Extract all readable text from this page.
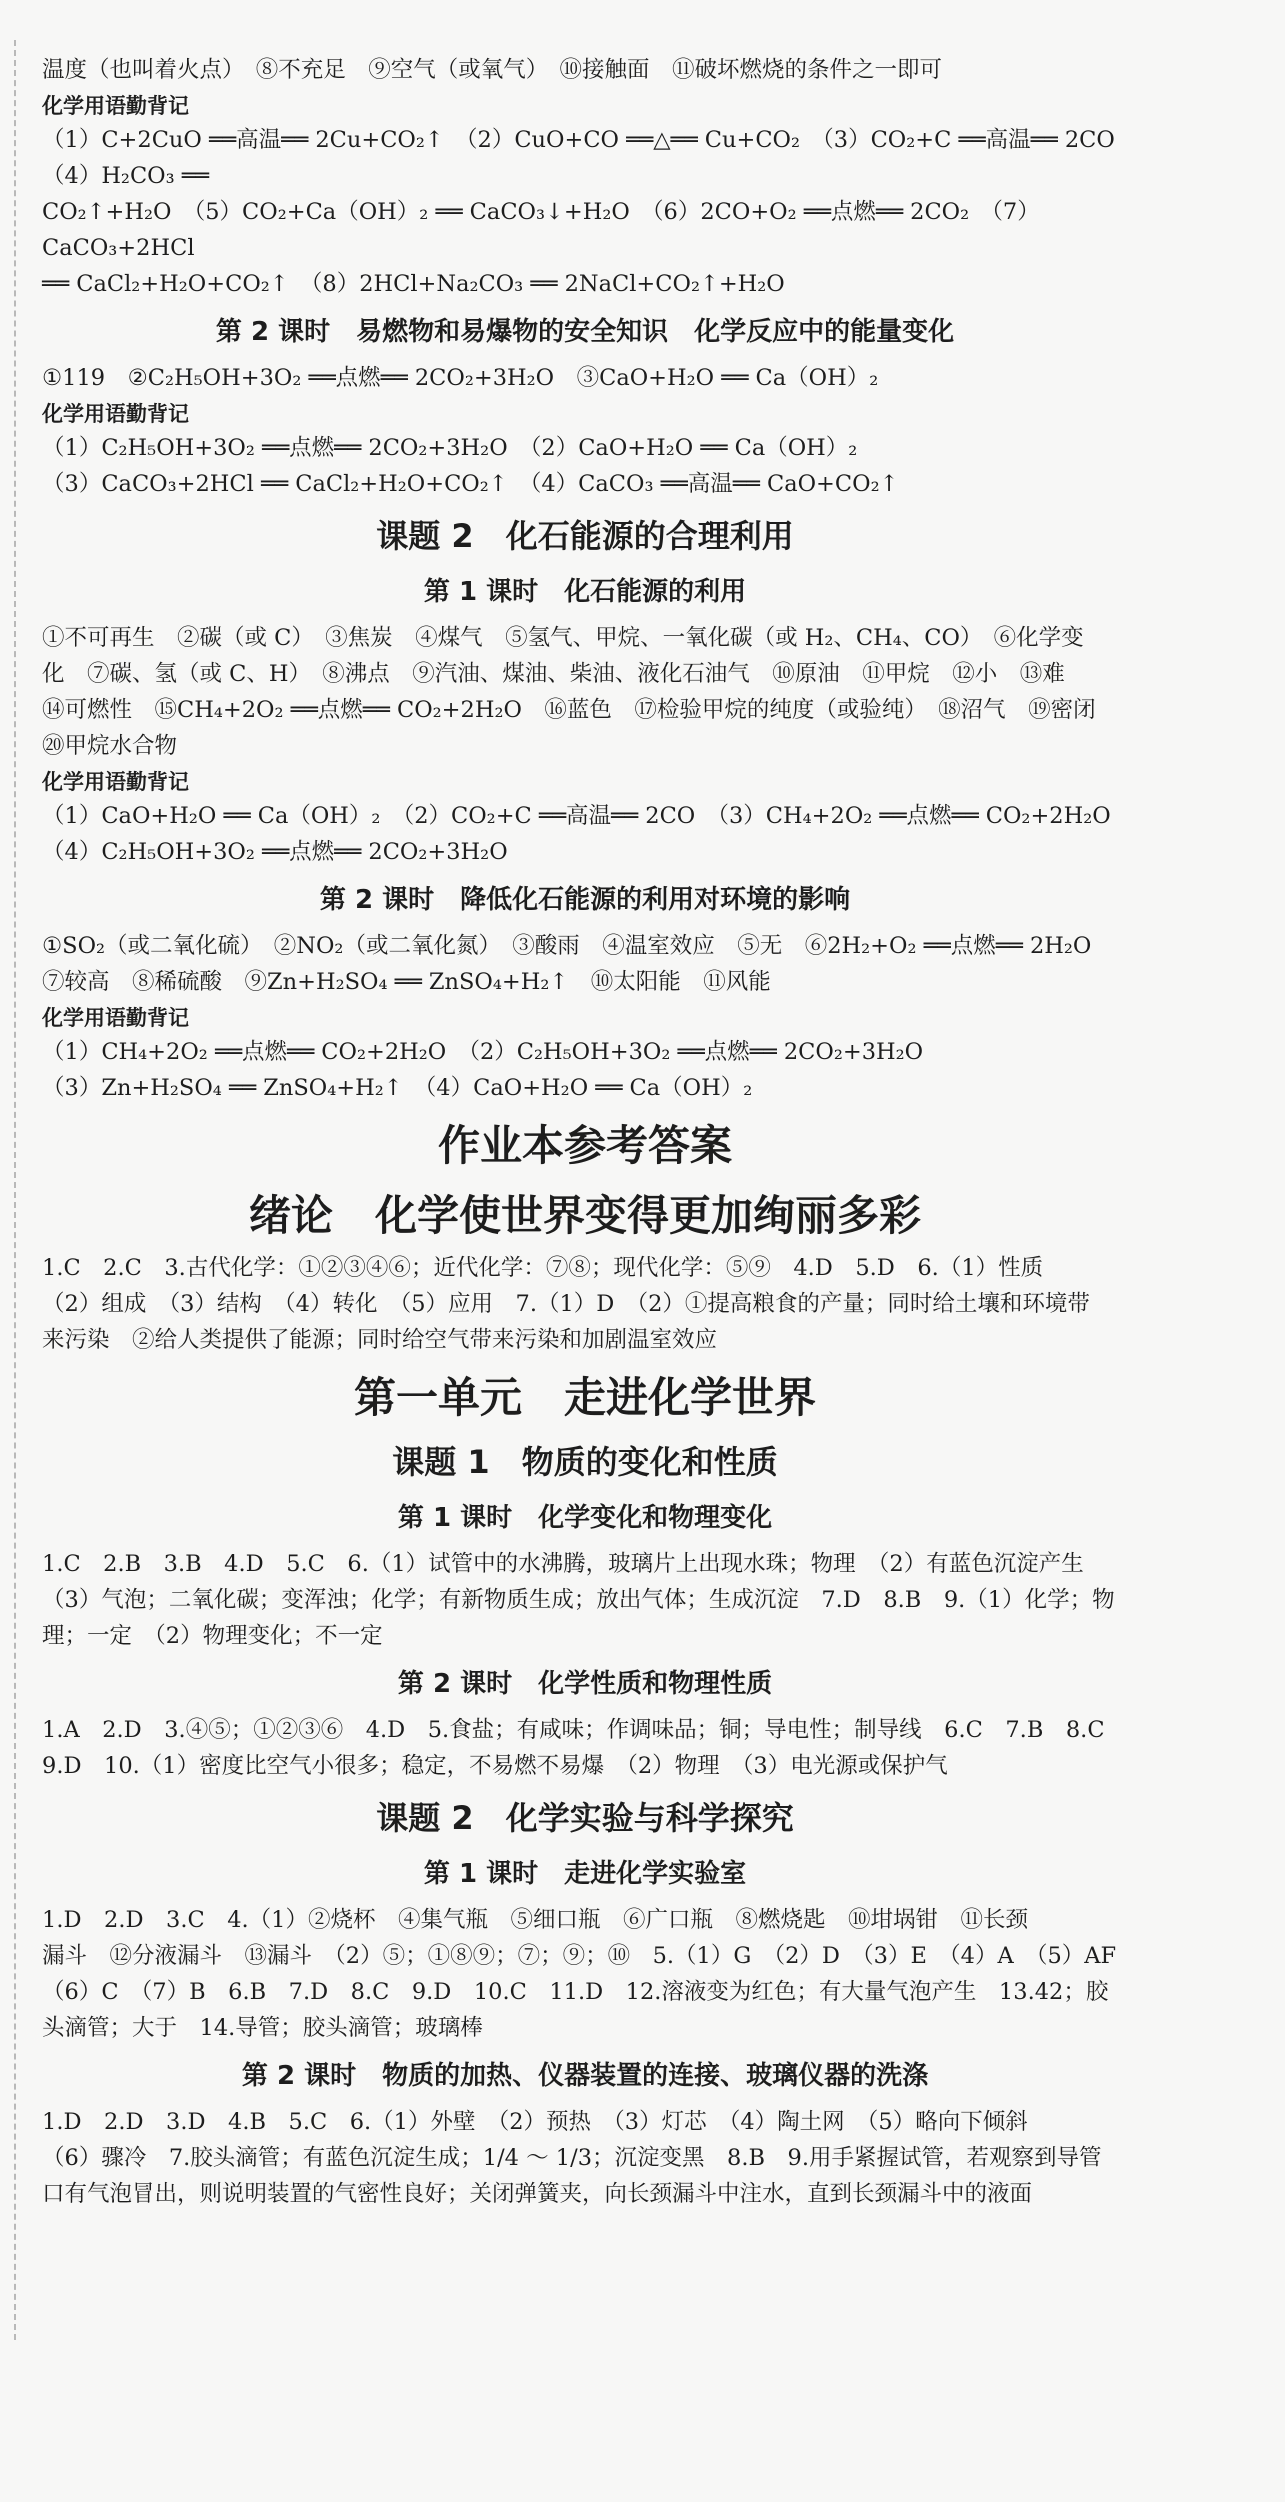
温度（也叫着火点）　⑧不充足　⑨空气（或氧气）　⑩接触面　⑪破坏燃烧的条件之一即可
化学用语勤背记
（1）C+2CuO ══高温══ 2Cu+CO₂↑　（2）CuO+CO ══△══ Cu+CO₂　（3）CO₂+C ══高温══ 2CO　（4）H₂CO₃ ══
CO₂↑+H₂O　（5）CO₂+Ca（OH）₂ ══ CaCO₃↓+H₂O　（6）2CO+O₂ ══点燃══ 2CO₂　（7）CaCO₃+2HCl
══ CaCl₂+H₂O+CO₂↑　（8）2HCl+Na₂CO₃ ══ 2NaCl+CO₂↑+H₂O
第 2 课时　易燃物和易爆物的安全知识　化学反应中的能量变化
①119　②C₂H₅OH+3O₂ ══点燃══ 2CO₂+3H₂O　③CaO+H₂O ══ Ca（OH）₂
化学用语勤背记
（1）C₂H₅OH+3O₂ ══点燃══ 2CO₂+3H₂O　（2）CaO+H₂O ══ Ca（OH）₂
（3）CaCO₃+2HCl ══ CaCl₂+H₂O+CO₂↑　（4）CaCO₃ ══高温══ CaO+CO₂↑
课题 2　化石能源的合理利用
第 1 课时　化石能源的利用
①不可再生　②碳（或 C）　③焦炭　④煤气　⑤氢气、甲烷、一氧化碳（或 H₂、CH₄、CO）　⑥化学变
化　⑦碳、氢（或 C、H）　⑧沸点　⑨汽油、煤油、柴油、液化石油气　⑩原油　⑪甲烷　⑫小　⑬难
⑭可燃性　⑮CH₄+2O₂ ══点燃══ CO₂+2H₂O　⑯蓝色　⑰检验甲烷的纯度（或验纯）　⑱沼气　⑲密闭
⑳甲烷水合物
化学用语勤背记
（1）CaO+H₂O ══ Ca（OH）₂　（2）CO₂+C ══高温══ 2CO　（3）CH₄+2O₂ ══点燃══ CO₂+2H₂O
（4）C₂H₅OH+3O₂ ══点燃══ 2CO₂+3H₂O
第 2 课时　降低化石能源的利用对环境的影响
①SO₂（或二氧化硫）　②NO₂（或二氧化氮）　③酸雨　④温室效应　⑤无　⑥2H₂+O₂ ══点燃══ 2H₂O
⑦较高　⑧稀硫酸　⑨Zn+H₂SO₄ ══ ZnSO₄+H₂↑　⑩太阳能　⑪风能
化学用语勤背记
（1）CH₄+2O₂ ══点燃══ CO₂+2H₂O　（2）C₂H₅OH+3O₂ ══点燃══ 2CO₂+3H₂O
（3）Zn+H₂SO₄ ══ ZnSO₄+H₂↑　（4）CaO+H₂O ══ Ca（OH）₂
作业本参考答案
绪论　化学使世界变得更加绚丽多彩
1.C　2.C　3.古代化学：①②③④⑥；近代化学：⑦⑧；现代化学：⑤⑨　4.D　5.D　6.（1）性质
（2）组成　（3）结构　（4）转化　（5）应用　7.（1）D　（2）①提高粮食的产量；同时给土壤和环境带
来污染　②给人类提供了能源；同时给空气带来污染和加剧温室效应
第一单元　走进化学世界
课题 1　物质的变化和性质
第 1 课时　化学变化和物理变化
1.C　2.B　3.B　4.D　5.C　6.（1）试管中的水沸腾，玻璃片上出现水珠；物理　（2）有蓝色沉淀产生
（3）气泡；二氧化碳；变浑浊；化学；有新物质生成；放出气体；生成沉淀　7.D　8.B　9.（1）化学；物
理；一定　（2）物理变化；不一定
第 2 课时　化学性质和物理性质
1.A　2.D　3.④⑤；①②③⑥　4.D　5.食盐；有咸味；作调味品；铜；导电性；制导线　6.C　7.B　8.C
9.D　10.（1）密度比空气小很多；稳定，不易燃不易爆　（2）物理　（3）电光源或保护气
课题 2　化学实验与科学探究
第 1 课时　走进化学实验室
1.D　2.D　3.C　4.（1）②烧杯　④集气瓶　⑤细口瓶　⑥广口瓶　⑧燃烧匙　⑩坩埚钳　⑪长颈
漏斗　⑫分液漏斗　⑬漏斗　（2）⑤；①⑧⑨；⑦；⑨；⑩　5.（1）G　（2）D　（3）E　（4）A　（5）AF
（6）C　（7）B　6.B　7.D　8.C　9.D　10.C　11.D　12.溶液变为红色；有大量气泡产生　13.42；胶
头滴管；大于　14.导管；胶头滴管；玻璃棒
第 2 课时　物质的加热、仪器装置的连接、玻璃仪器的洗涤
1.D　2.D　3.D　4.B　5.C　6.（1）外壁　（2）预热　（3）灯芯　（4）陶土网　（5）略向下倾斜
（6）骤冷　7.胶头滴管；有蓝色沉淀生成；1/4 ～ 1/3；沉淀变黑　8.B　9.用手紧握试管，若观察到导管
口有气泡冒出，则说明装置的气密性良好；关闭弹簧夹，向长颈漏斗中注水，直到长颈漏斗中的液面
